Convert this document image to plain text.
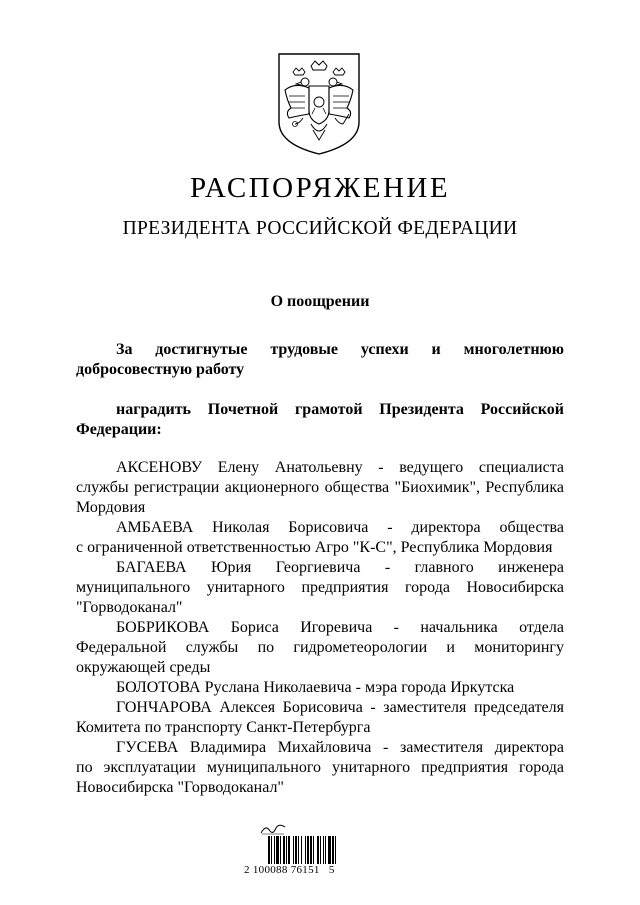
РАСПОРЯЖЕНИЕ
ПРЕЗИДЕНТА РОССИЙСКОЙ ФЕДЕРАЦИИ
О поощрении
За достигнутые трудовые успехи и многолетнюю
добросовестную работу
наградить Почетной грамотой Президента Российской
Федерации:
АКСЕНОВУ Елену Анатольевну - ведущего специалиста
службы регистрации акционерного общества "Биохимик", Республика
Мордовия
АМБАЕВА Николая Борисовича - директора общества
с ограниченной ответственностью Агро "К-С", Республика Мордовия
БАГАЕВА Юрия Георгиевича - главного инженера
муниципального унитарного предприятия города Новосибирска
"Горводоканал"
БОБРИКОВА Бориса Игоревича - начальника отдела
Федеральной службы по гидрометеорологии и мониторингу
окружающей среды
БОЛОТОВА Руслана Николаевича - мэра города Иркутска
ГОНЧАРОВА Алексея Борисовича - заместителя председателя
Комитета по транспорту Санкт-Петербурга
ГУСЕВА Владимира Михайловича - заместителя директора
по эксплуатации муниципального унитарного предприятия города
Новосибирска "Горводоканал"
2 100088 76151   5
